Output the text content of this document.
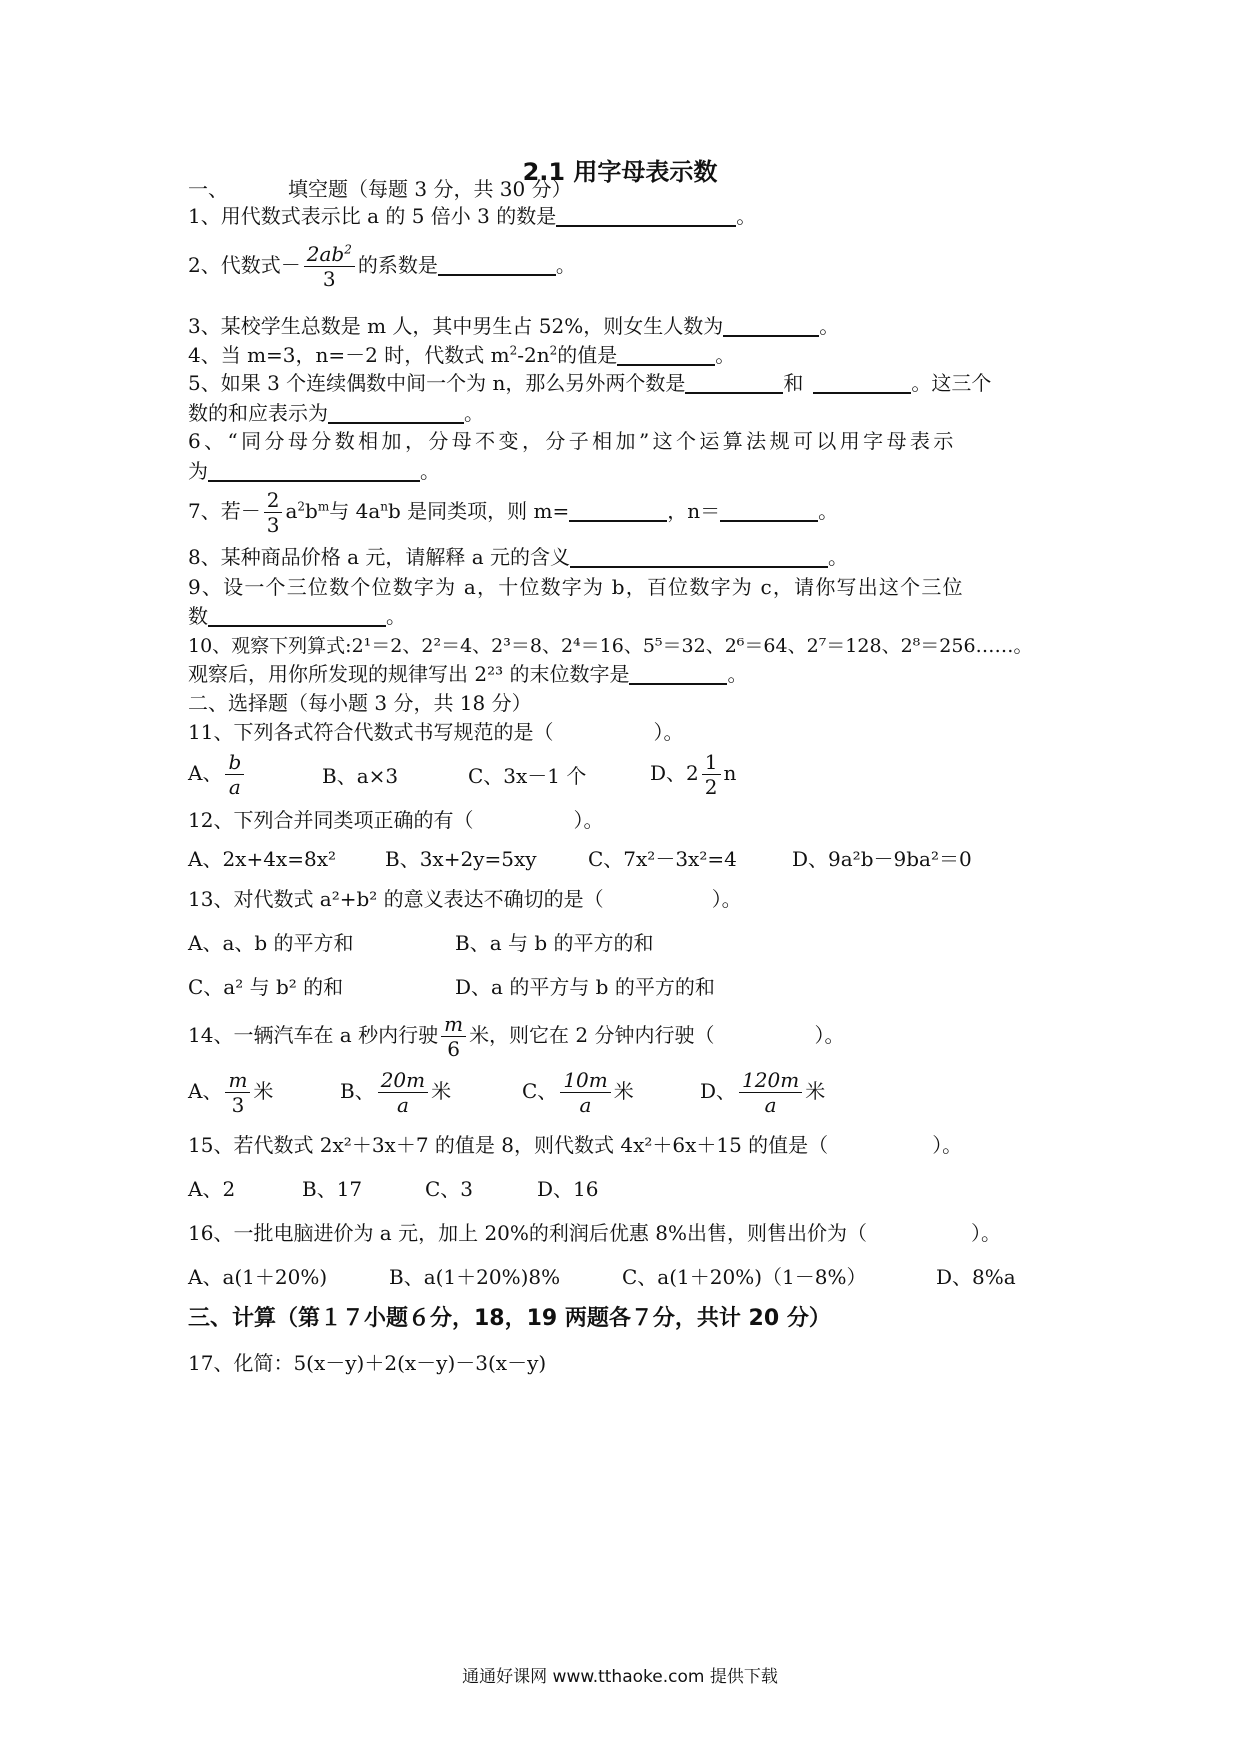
2.1 用字母表示数
一、	填空题（每题 3 分，共 30 分）
1、用代数式表示比 a 的 5 倍小 3 的数是	。
2、代数式－ $\frac{2ab^2}{3}$ 的系数是	。
3、某校学生总数是 m 人，其中男生占 52%，则女生人数为	。
4、当 m=3，n=－2 时，代数式 $m^2-2n^2$的值是	。
5、如果 3 个连续偶数中间一个为 n，那么另外两个数是	和	。这三个
数的和应表示为	。
6、“同分母分数相加，分母不变，分子相加”这个运算法规可以用字母表示
为	。
7、若－ $\frac{2}{3} a^2b^m$与 $4a^nb$ 是同类项，则 m=	，n＝	。
8、某种商品价格 a 元，请解释 a 元的含义	。
9、设一个三位数个位数字为 a，十位数字为 b，百位数字为 c，请你写出这个三位
数	。
10、观察下列算式:2¹＝2、2²＝4、2³＝8、2⁴＝16、5⁵＝32、2⁶＝64、2⁷＝128、2⁸＝256……。
观察后，用你所发现的规律写出 2²³ 的末位数字是	。
二、选择题（每小题 3 分，共 18 分）
11、下列各式符合代数式书写规范的是（	）。
A、 $\frac{b}{a}$	B、a×3	C、3x－1 个	D、$2 \frac{1}{2}$ n
12、下列合并同类项正确的有（	）。
A、2x+4x=8x² B、3x+2y=5xy	C、7x²－3x²=4	D、9a²b－9ba²＝0
13、对代数式 a²+b² 的意义表达不确切的是（	）。
A、a、b 的平方和	B、a 与 b 的平方的和
C、a² 与 b² 的和	D、a 的平方与 b 的平方的和
14、一辆汽车在 a 秒内行驶 $\frac{m}{6}$ 米，则它在 2 分钟内行驶（	）。
A、 $\frac{m}{3}$ 米	B、 $\frac{20m}{a}$ 米	C、 $\frac{10m}{a}$ 米	D、 $\frac{120m}{a}$ 米
15、若代数式 2x²＋3x＋7 的值是 8，则代数式 4x²＋6x＋15 的值是（	）。
A、2	B、17	C、3	D、16
16、一批电脑进价为 a 元，加上 20%的利润后优惠 8%出售，则售出价为（	）。
A、a(1＋20%)	B、a(1＋20%)8%	C、a(1＋20%)（1－8%）	D、8%a
三、计算（第１７小题６分，18，19 两题各７分，共计 20 分）
17、化简：5(x－y)＋2(x－y)－3(x－y)
通通好课网 www.tthaoke.com 提供下载
